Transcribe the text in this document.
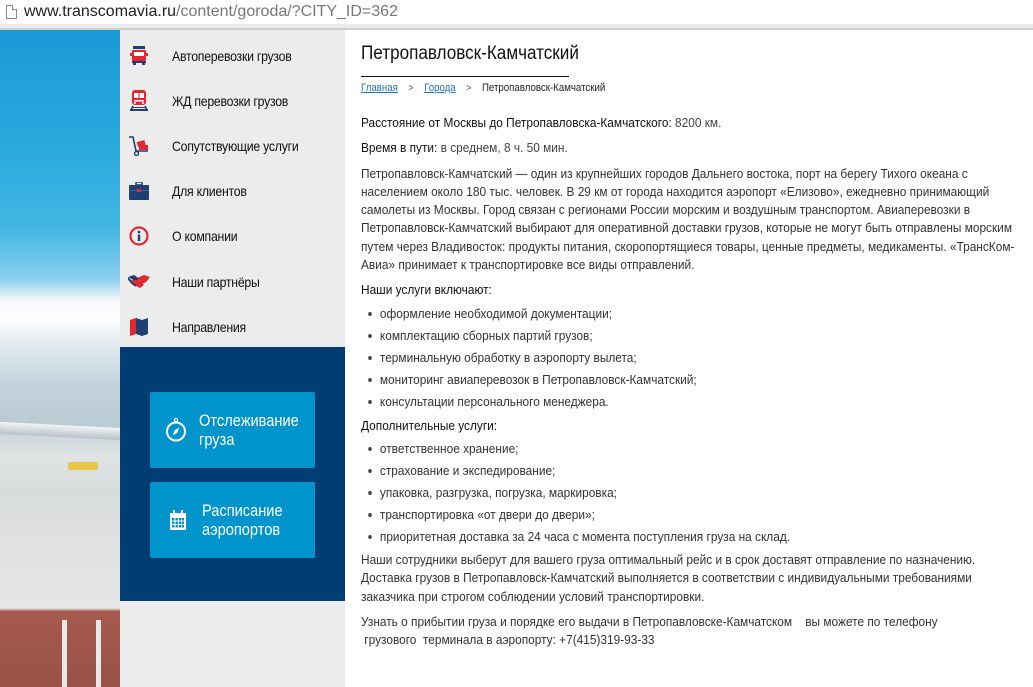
www.transcomavia.ru/content/goroda/?CITY_ID=362
Автоперевозки грузов
ЖД перевозки грузов
Сопутствующие услуги
Для клиентов
О компании
Наши партнёры
Направления
Отслеживание
груза
Расписание
аэропортов
Петропавловск-Камчатский
Главная > Города > Петропавловск-Камчатский

Расстояние от Москвы до Петропавловска-Камчатского: 8200 км.

Время в пути: в среднем, 8 ч. 50 мин.

Петропавловск-Камчатский — один из крупнейших городов Дальнего востока, порт на берегу Тихого океана с населением около 180 тыс. человек. В 29 км от города находится аэропорт «Елизово», ежедневно принимающий самолеты из Москвы. Город связан с регионами России морским и воздушным транспортом. Авиаперевозки в Петропавловск-Камчатский выбирают для оперативной доставки грузов, которые не могут быть отправлены морским путем через Владивосток: продукты питания, скоропортящиеся товары, ценные предметы, медикаменты. «ТрансКом-Авиа» принимает к транспортировке все виды отправлений.

Наши услуги включают:

оформление необходимой документации;
комплектацию сборных партий грузов;
терминальную обработку в аэропорту вылета;
мониторинг авиаперевозок в Петропавловск-Камчатский;
консультации персонального менеджера.

Дополнительные услуги:

ответственное хранение;
страхование и экспедирование;
упаковка, разгрузка, погрузка, маркировка;
транспортировка «от двери до двери»;
приоритетная доставка за 24 часа с момента поступления груза на склад.

Наши сотрудники выберут для вашего груза оптимальный рейс и в срок доставят отправление по назначению. Доставка грузов в Петропавловск-Камчатский выполняется в соответствии с индивидуальными требованиями заказчика при строгом соблюдении условий транспортировки.

Узнать о прибытии груза и порядке его выдачи в Петропавловске-Камчатском    вы можете по телефону

грузового  терминала в аэропорту: +7(415)319-93-33
